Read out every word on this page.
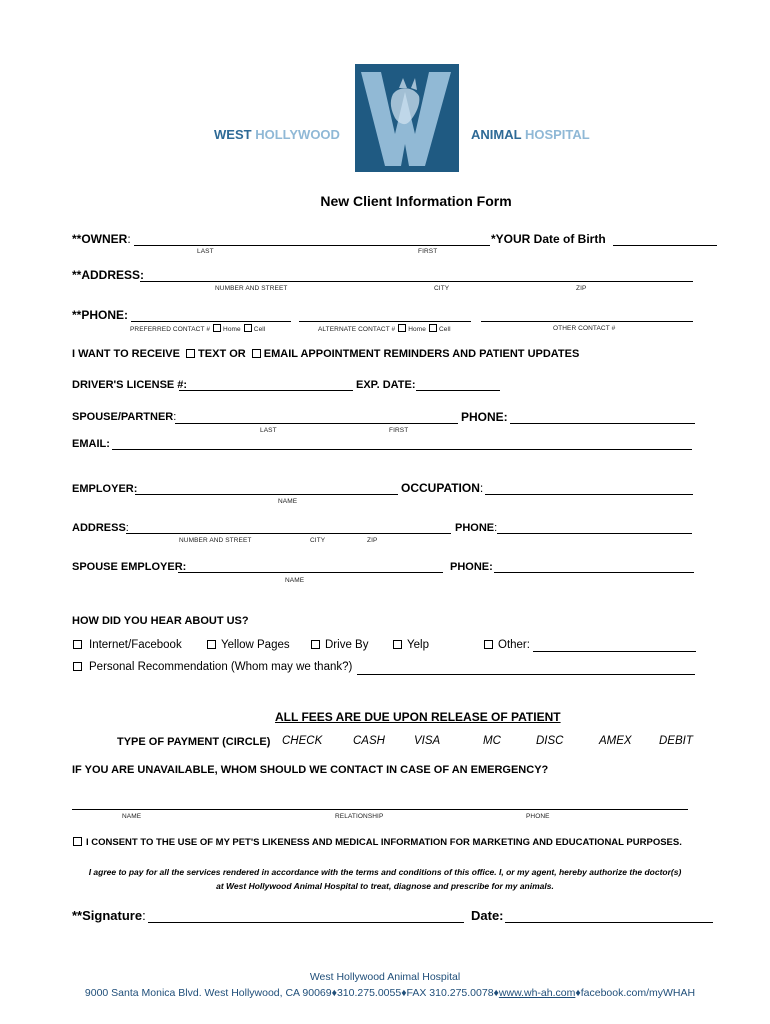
WEST HOLLYWOOD	ANIMAL HOSPITAL
New Client Information Form
**OWNER:
LAST	FIRST
*YOUR Date of Birth
**ADDRESS:
NUMBER AND STREET	CITY	ZIP
**PHONE:
PREFERRED CONTACT # Home Cell	ALTERNATE CONTACT # Home Cell	OTHER CONTACT #
I WANT TO RECEIVE TEXT OR EMAIL APPOINTMENT REMINDERS AND PATIENT UPDATES
DRIVER'S LICENSE #:	EXP. DATE:
SPOUSE/PARTNER:
LAST	FIRST
PHONE:
EMAIL:
EMPLOYER:
NAME
OCCUPATION:
ADDRESS:
NUMBER AND STREET	CITY	ZIP
PHONE:
SPOUSE EMPLOYER:
NAME
PHONE:
HOW DID YOU HEAR ABOUT US?
Internet/Facebook	Yellow Pages	Drive By	Yelp	Other:
Personal Recommendation (Whom may we thank?)
ALL FEES ARE DUE UPON RELEASE OF PATIENT
TYPE OF PAYMENT (CIRCLE) CHECK	CASH	VISA	MC	DISC	AMEX DEBIT
IF YOU ARE UNAVAILABLE, WHOM SHOULD WE CONTACT IN CASE OF AN EMERGENCY?
NAME	RELATIONSHIP	PHONE
I CONSENT TO THE USE OF MY PET'S LIKENESS AND MEDICAL INFORMATION FOR MARKETING AND EDUCATIONAL PURPOSES.
I agree to pay for all the services rendered in accordance with the terms and conditions of this office. I, or my agent, hereby authorize the doctor(s)
at West Hollywood Animal Hospital to treat, diagnose and prescribe for my animals.
**Signature:	Date:
West Hollywood Animal Hospital
9000 Santa Monica Blvd. West Hollywood, CA 90069♦310.275.0055♦FAX 310.275.0078♦www.wh-ah.com♦facebook.com/myWHAH
